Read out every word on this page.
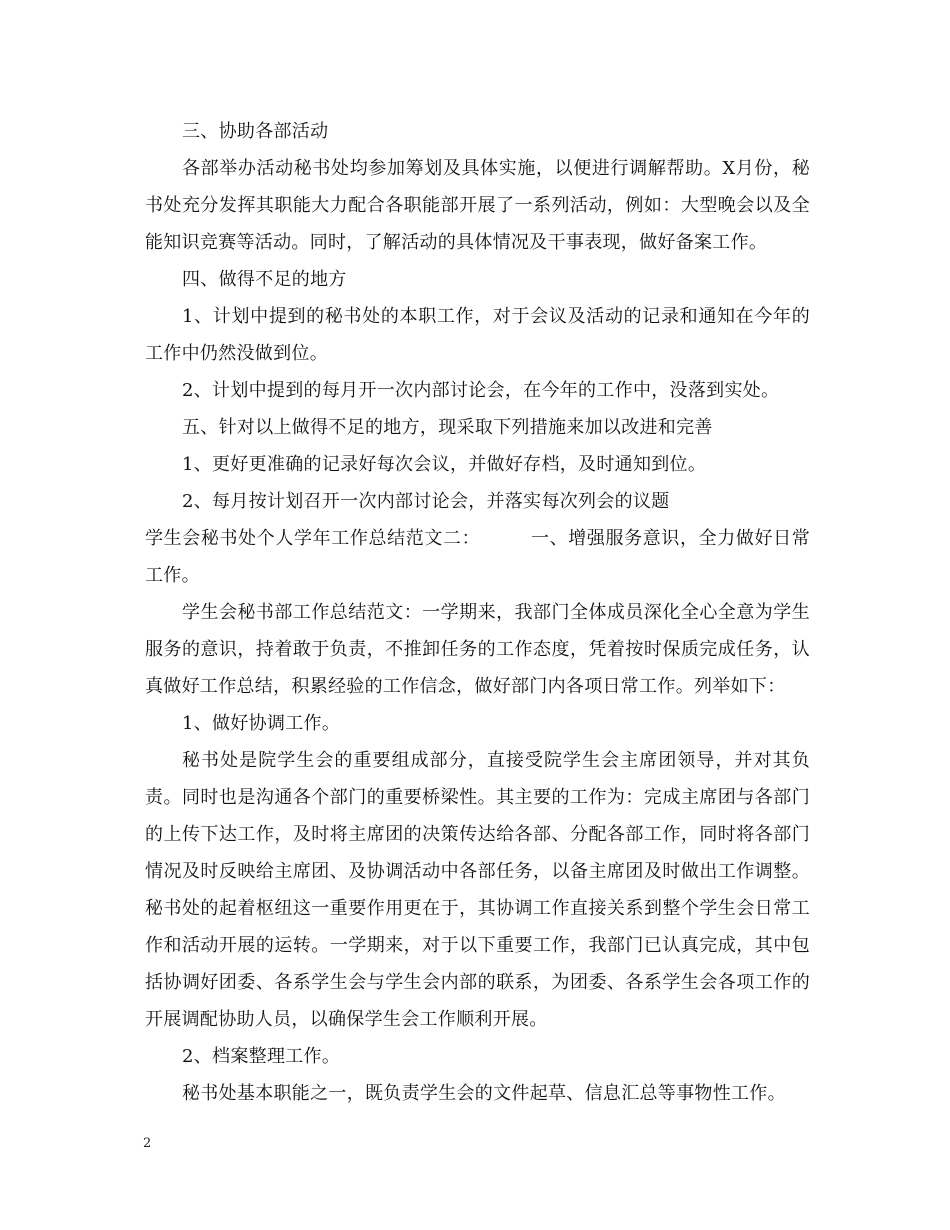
三、协助各部活动

各部举办活动秘书处均参加筹划及具体实施，以便进行调解帮助。X月份，秘书处充分发挥其职能大力配合各职能部开展了一系列活动，例如：大型晚会以及全能知识竞赛等活动。同时，了解活动的具体情况及干事表现，做好备案工作。

四、做得不足的地方

1、计划中提到的秘书处的本职工作，对于会议及活动的记录和通知在今年的工作中仍然没做到位。

2、计划中提到的每月开一次内部讨论会，在今年的工作中，没落到实处。

五、针对以上做得不足的地方，现采取下列措施来加以改进和完善

1、更好更准确的记录好每次会议，并做好存档，及时通知到位。

2、每月按计划召开一次内部讨论会，并落实每次列会的议题

学生会秘书处个人学年工作总结范文二：        一、增强服务意识，全力做好日常工作。

学生会秘书部工作总结范文：一学期来，我部门全体成员深化全心全意为学生服务的意识，持着敢于负责，不推卸任务的工作态度，凭着按时保质完成任务，认真做好工作总结，积累经验的工作信念，做好部门内各项日常工作。列举如下：

1、做好协调工作。

秘书处是院学生会的重要组成部分，直接受院学生会主席团领导，并对其负责。同时也是沟通各个部门的重要桥梁性。其主要的工作为：完成主席团与各部门的上传下达工作，及时将主席团的决策传达给各部、分配各部工作，同时将各部门情况及时反映给主席团、及协调活动中各部任务，以备主席团及时做出工作调整。秘书处的起着枢纽这一重要作用更在于，其协调工作直接关系到整个学生会日常工作和活动开展的运转。一学期来，对于以下重要工作，我部门已认真完成，其中包括协调好团委、各系学生会与学生会内部的联系，为团委、各系学生会各项工作的开展调配协助人员，以确保学生会工作顺利开展。

2、档案整理工作。

秘书处基本职能之一，既负责学生会的文件起草、信息汇总等事物性工作。

2
